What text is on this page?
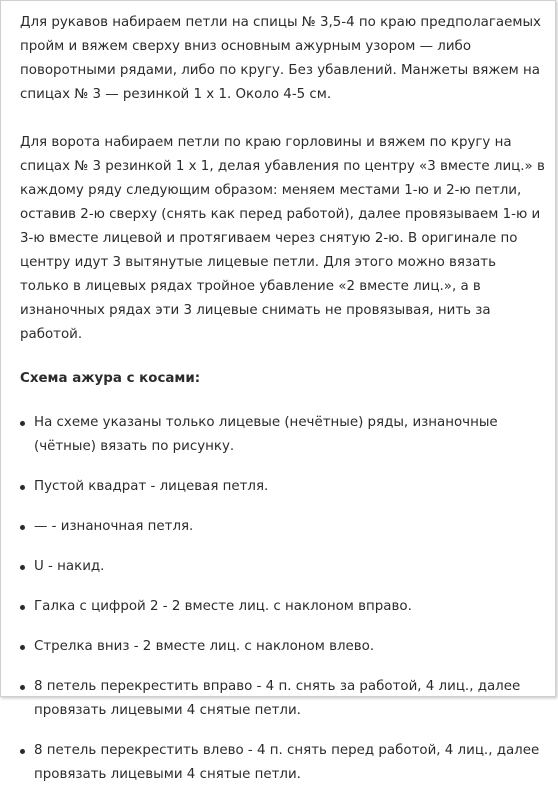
Для рукавов набираем петли на спицы № 3,5-4 по краю предполагаемых пройм и вяжем сверху вниз основным ажурным узором — либо поворотными рядами, либо по кругу. Без убавлений. Манжеты вяжем на спицах № 3 — резинкой 1 х 1. Около 4-5 см.

Для ворота набираем петли по краю горловины и вяжем по кругу на спицах № 3 резинкой 1 х 1, делая убавления по центру «3 вместе лиц.» в каждому ряду следующим образом: меняем местами 1-ю и 2-ю петли, оставив 2-ю сверху (снять как перед работой), далее провязываем 1-ю и 3-ю вместе лицевой и протягиваем через снятую 2-ю. В оригинале по центру идут 3 вытянутые лицевые петли. Для этого можно вязать только в лицевых рядах тройное убавление «2 вместе лиц.», а в изнаночных рядах эти 3 лицевые снимать не провязывая, нить за работой.

Схема ажура с косами:

На схеме указаны только лицевые (нечётные) ряды, изнаночные (чётные) вязать по рисунку.
Пустой квадрат - лицевая петля.
— - изнаночная петля.
U - накид.
Галка с цифрой 2 - 2 вместе лиц. с наклоном вправо.
Стрелка вниз - 2 вместе лиц. с наклоном влево.
8 петель перекрестить вправо - 4 п. снять за работой, 4 лиц., далее провязать лицевыми 4 снятые петли.
8 петель перекрестить влево - 4 п. снять перед работой, 4 лиц., далее провязать лицевыми 4 снятые петли.
